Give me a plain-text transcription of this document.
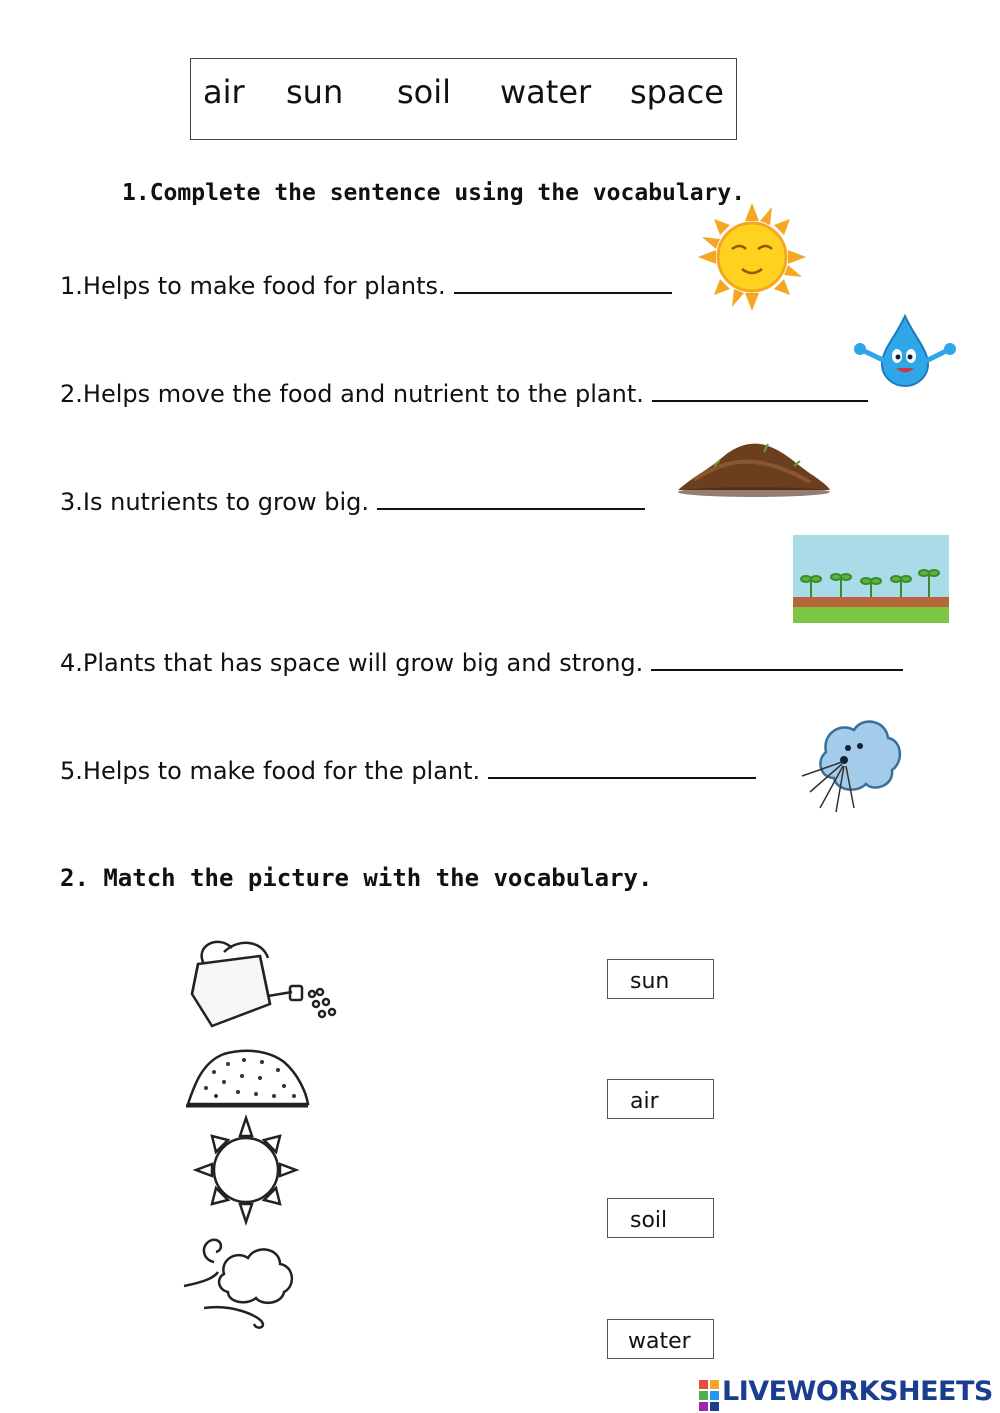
air sun soil water space
1.Complete the sentence using the vocabulary.
1.Helps to make food for plants.
2.Helps move the food and nutrient to the plant.
3.Is nutrients to grow big.
4.Plants that has space will grow big and strong.
5.Helps to make food for the plant.
2. Match the picture with the vocabulary.
sun
air
soil
water
LIVEWORKSHEETS
